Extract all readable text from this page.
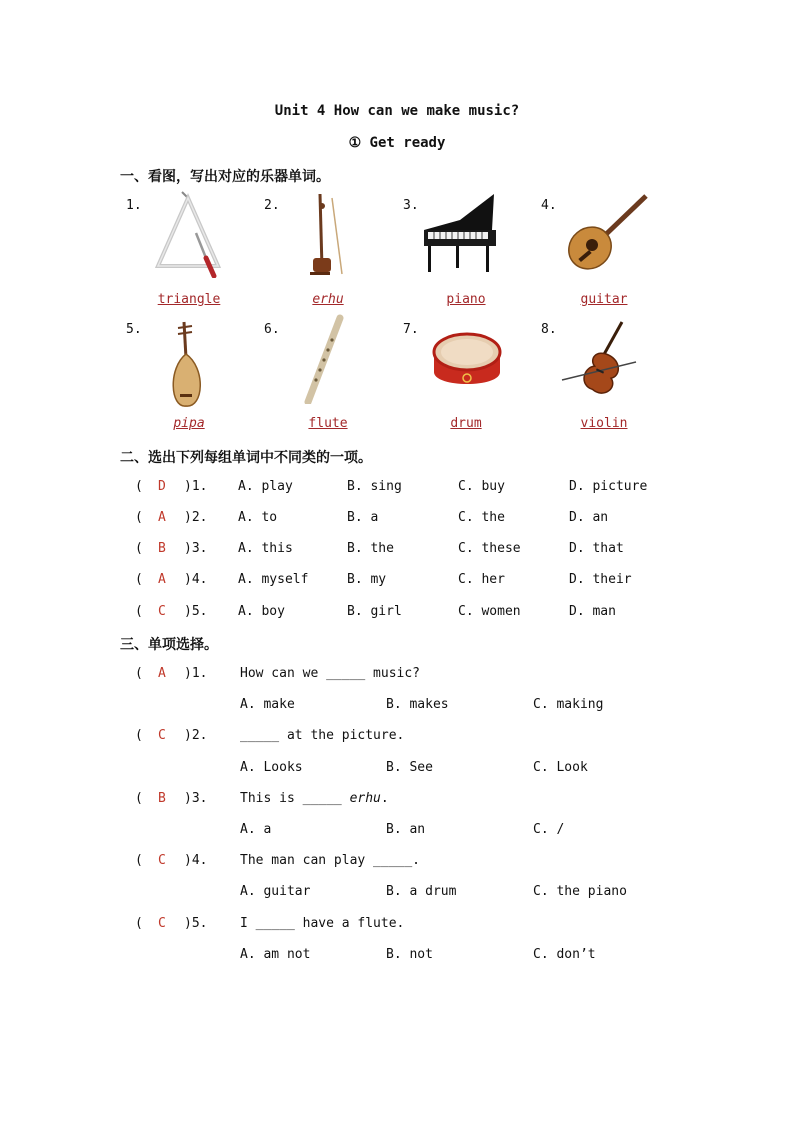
Unit 4 How can we make music?
① Get ready
一、看图，写出对应的乐器单词。
1.	2.	3.	4.
triangle	erhu	piano	guitar
5.	6.	7.	8.
pipa	flute	drum	violin
二、选出下列每组单词中不同类的一项。
( D )1. A. play	B. sing	C. buy	D. picture
( A )2. A. to	B. a	C. the	D. an
( B )3. A. this	B. the	C. these	D. that
( A )4. A. myself	B. my	C. her	D. their
( C )5. A. boy	B. girl	C. women	D. man
三、单项选择。
( A )1.	How can we _____ music?
A. make	B. makes	C. making
( C )2.	_____ at the picture.
A. Looks	B. See	C. Look
( B )3.	This is _____ erhu.
A. a	B. an	C. /
( C )4.	The man can play _____.
A. guitar	B. a drum	C. the piano
( C )5.	I _____ have a flute.
A. am not	B. not	C. don’t
